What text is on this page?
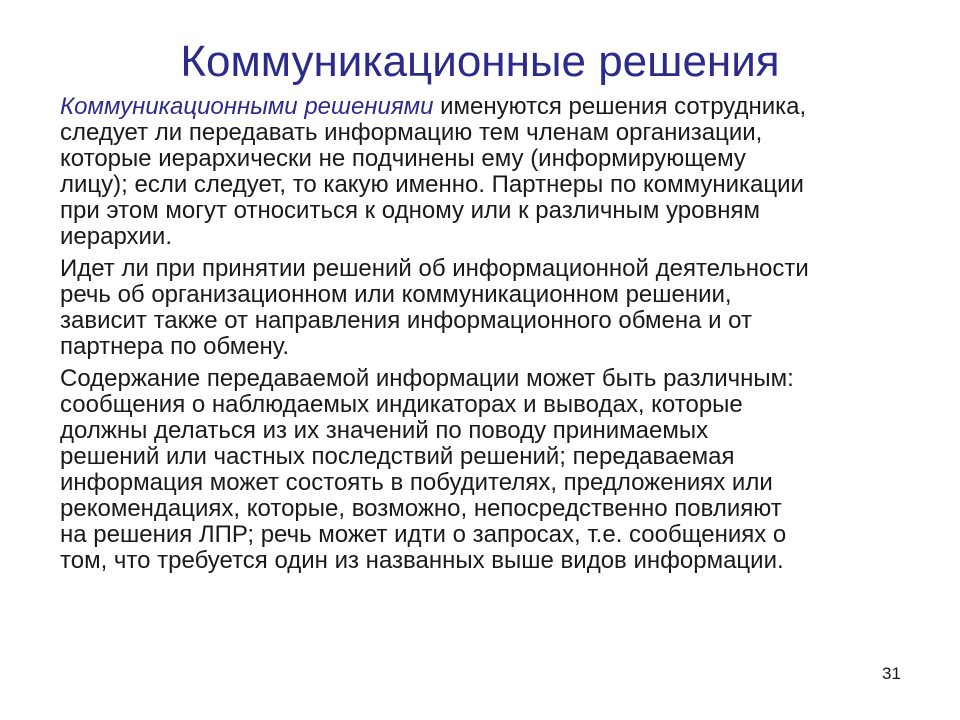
Коммуникационные решения

Коммуникационными решениями именуются решения сотрудника,
следует ли передавать информацию тем членам организации,
которые иерархически не подчинены ему (информирующему
лицу); если следует, то какую именно. Партнеры по коммуникации
при этом могут относиться к одному или к различным уровням
иерархии.

Идет ли при принятии решений об информационной деятельности
речь об организационном или коммуникационном решении,
зависит также от направления информационного обмена и от
партнера по обмену.

Содержание передаваемой информации может быть различным:
сообщения о наблюдаемых индикаторах и выводах, которые
должны делаться из их значений по поводу принимаемых
решений или частных последствий решений; передаваемая
информация может состоять в побудителях, предложениях или
рекомендациях, которые, возможно, непосредственно повлияют
на решения ЛПР; речь может идти о запросах, т.е. сообщениях о
том, что требуется один из названных выше видов информации.

31
